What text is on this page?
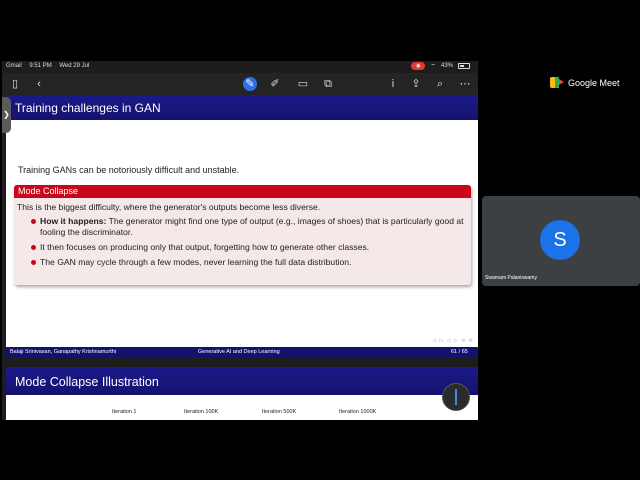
Google Meet
S
Swarnam Palaniswamy
Gmail 9:51 PM Wed 29 Jul	◉	⌔ 43%
▯	‹	✎ ✐ ▭ ⧉	i	⇪	⌕	⋯
Training challenges in GAN
Training GANs can be notoriously difficult and unstable.
Mode Collapse
This is the biggest difficulty, where the generator's outputs become less diverse.
How it happens: The generator might find one type of output (e.g., images of shoes) that is particularly good at fooling the discriminator.
It then focuses on producing only that output, forgetting how to generate other classes.
The GAN may cycle through a few modes, never learning the full data distribution.
◁ ▷ ◁ ▷ ⟲ ⟳
Balaji Srinivasan, Ganapathy Krishnamurthi	Generative AI and Deep Learning	61 / 65
Mode Collapse Illustration
Iteration 1	Iteration 100K	Iteration 500K	Iteration 1000K
❯
